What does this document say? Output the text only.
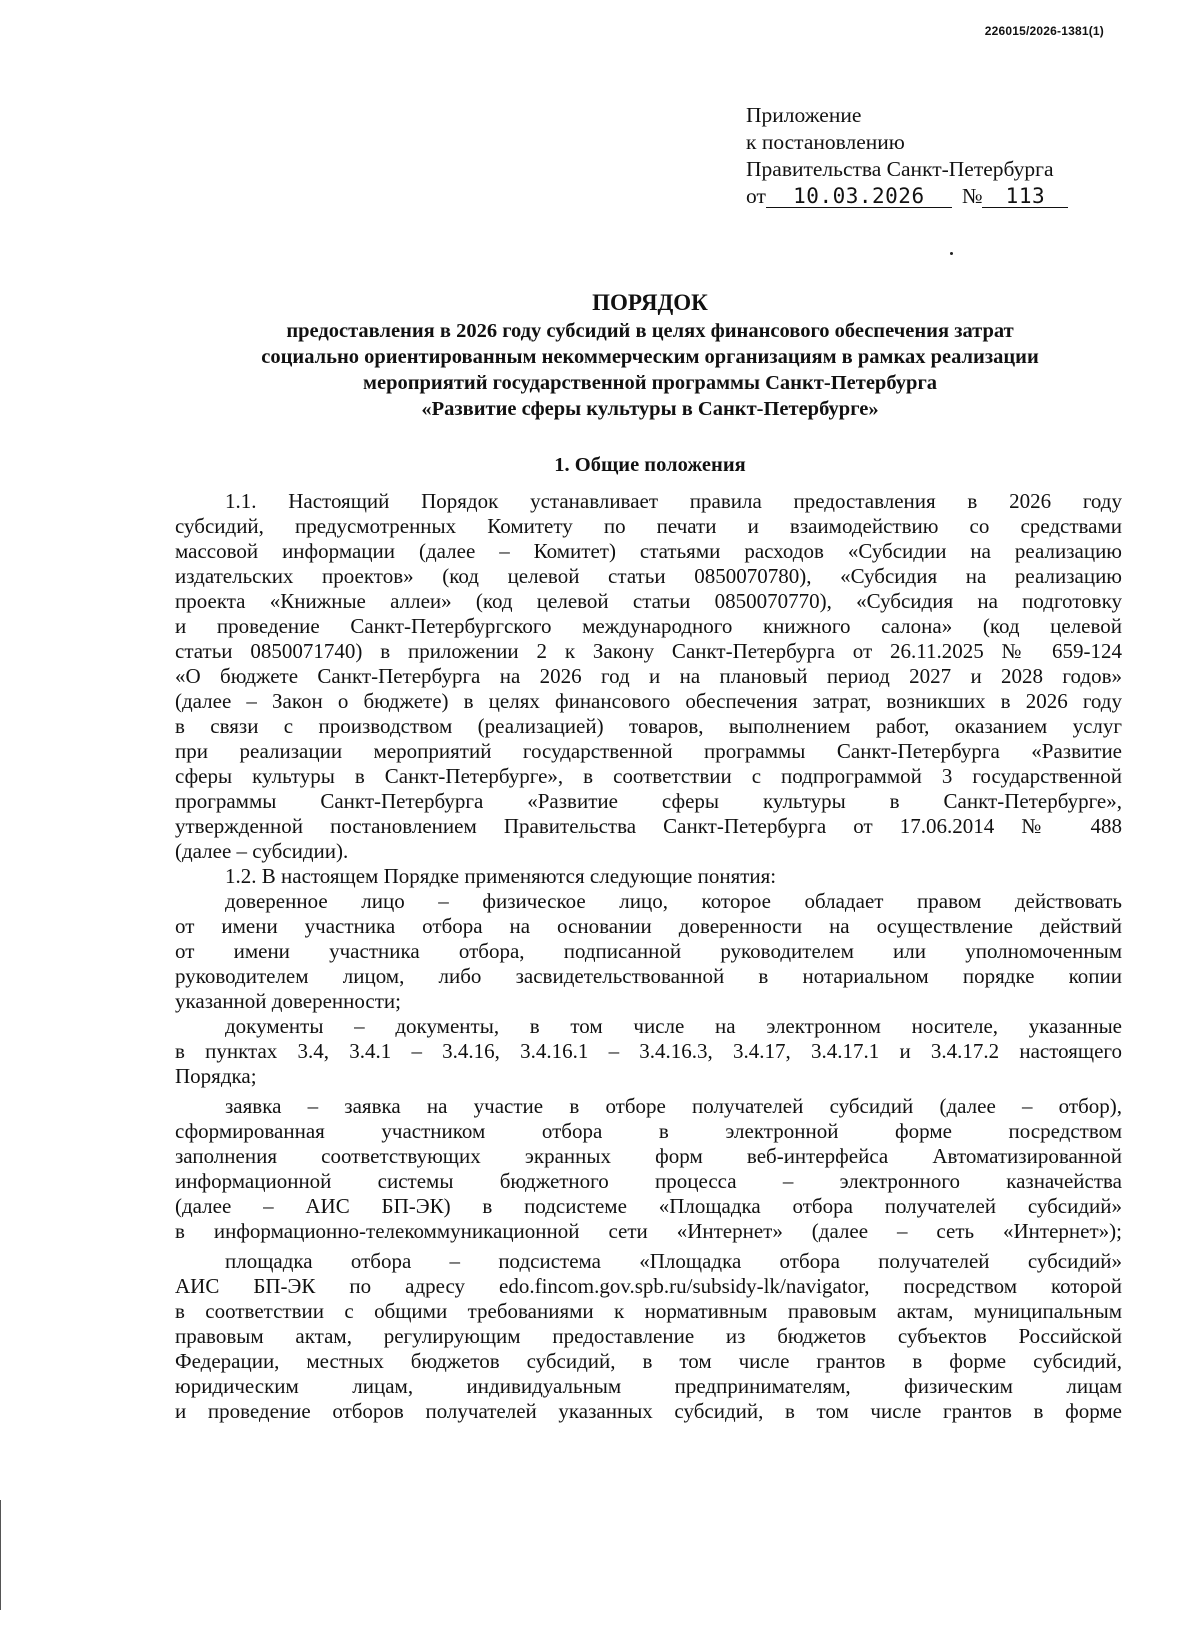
226015/2026-1381(1)
Приложение
к постановлению
Правительства Санкт-Петербурга
от 10.03.2026 № 113
ПОРЯДОК
предоставления в 2026 году субсидий в целях финансового обеспечения затрат
социально ориентированным некоммерческим организациям в рамках реализации
мероприятий государственной программы Санкт-Петербурга
«Развитие сферы культуры в Санкт-Петербурге»
1. Общие положения
1.1. Настоящий Порядок устанавливает правила предоставления в 2026 году
субсидий, предусмотренных Комитету по печати и взаимодействию со средствами
массовой информации (далее – Комитет) статьями расходов «Субсидии на реализацию
издательских проектов» (код целевой статьи 0850070780), «Субсидия на реализацию
проекта «Книжные аллеи» (код целевой статьи 0850070770), «Субсидия на подготовку
и проведение Санкт-Петербургского международного книжного салона» (код целевой
статьи 0850071740) в приложении 2 к Закону Санкт-Петербурга от 26.11.2025 № 659-124
«О бюджете Санкт-Петербурга на 2026 год и на плановый период 2027 и 2028 годов»
(далее – Закон о бюджете) в целях финансового обеспечения затрат, возникших в 2026 году
в связи с производством (реализацией) товаров, выполнением работ, оказанием услуг
при реализации мероприятий государственной программы Санкт-Петербурга «Развитие
сферы культуры в Санкт-Петербурге», в соответствии с подпрограммой 3 государственной
программы Санкт-Петербурга «Развитие сферы культуры в Санкт-Петербурге»,
утвержденной постановлением Правительства Санкт-Петербурга от 17.06.2014 № 488
(далее – субсидии).
1.2. В настоящем Порядке применяются следующие понятия:
доверенное лицо – физическое лицо, которое обладает правом действовать
от имени участника отбора на основании доверенности на осуществление действий
от имени участника отбора, подписанной руководителем или уполномоченным
руководителем лицом, либо засвидетельствованной в нотариальном порядке копии
указанной доверенности;
документы – документы, в том числе на электронном носителе, указанные
в пунктах 3.4, 3.4.1 – 3.4.16, 3.4.16.1 – 3.4.16.3, 3.4.17, 3.4.17.1 и 3.4.17.2 настоящего
Порядка;
заявка – заявка на участие в отборе получателей субсидий (далее – отбор),
сформированная участником отбора в электронной форме посредством
заполнения соответствующих экранных форм веб-интерфейса Автоматизированной
информационной системы бюджетного процесса – электронного казначейства
(далее – АИС БП-ЭК) в подсистеме «Площадка отбора получателей субсидий»
в информационно-телекоммуникационной сети «Интернет» (далее – сеть «Интернет»);
площадка отбора – подсистема «Площадка отбора получателей субсидий»
АИС БП-ЭК по адресу edo.fincom.gov.spb.ru/subsidy-lk/navigator, посредством которой
в соответствии с общими требованиями к нормативным правовым актам, муниципальным
правовым актам, регулирующим предоставление из бюджетов субъектов Российской
Федерации, местных бюджетов субсидий, в том числе грантов в форме субсидий,
юридическим лицам, индивидуальным предпринимателям, физическим лицам
и проведение отборов получателей указанных субсидий, в том числе грантов в форме
